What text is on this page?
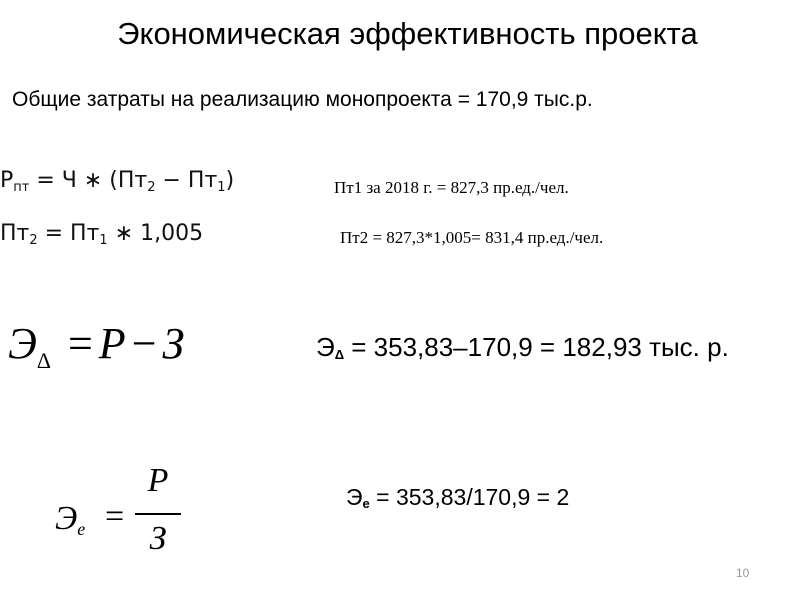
Экономическая эффективность проекта
Общие затраты на реализацию монопроекта = 170,9 тыс.р.
$Р_{пт} = Ч$ ∗ $(Пт_2 - Пт_1)$
$Пт_2 = Пт_1$ ∗ 1,005
Пт1 за 2018 г. = 827,3 пр.ед./чел.
Пт2 = 827,3*1,005= 831,4 пр.ед./чел.
$Э_\Delta = Р - З$	$Э_\Delta = 353,83-170,9 = 182,93$ тыс. р.
$Э_е$ =
Р
З
$Э_е = 353,83/170,9 = 2$
10
